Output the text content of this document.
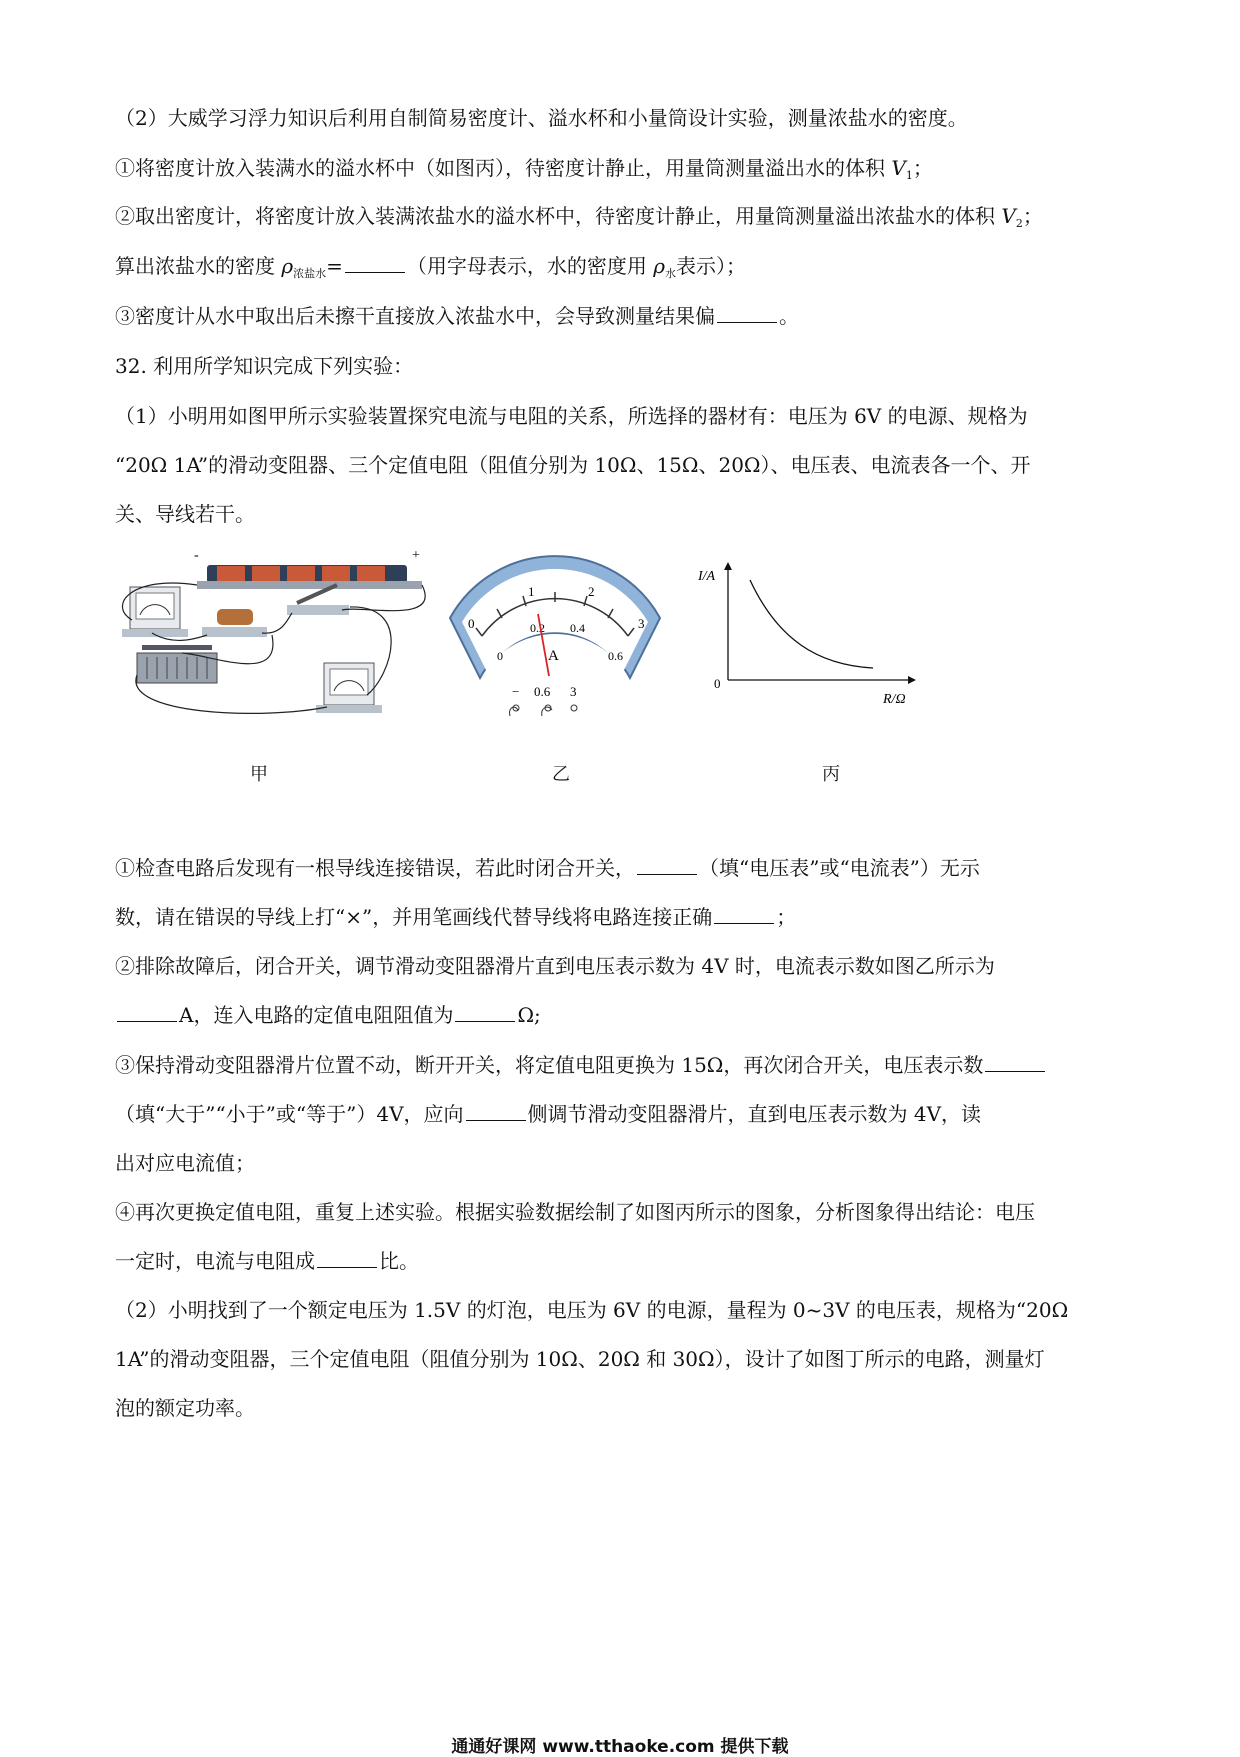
（2）大威学习浮力知识后利用自制简易密度计、溢水杯和小量筒设计实验，测量浓盐水的密度。
①将密度计放入装满水的溢水杯中（如图丙），待密度计静止，用量筒测量溢出水的体积 $V_1$；
②取出密度计，将密度计放入装满浓盐水的溢水杯中，待密度计静止，用量筒测量溢出浓盐水的体积 $V_2$；
算出浓盐水的密度 $\rho_{浓盐水}=$	（用字母表示，水的密度用 $\rho_水$表示）；
③密度计从水中取出后未擦干直接放入浓盐水中，会导致测量结果偏	。
32. 利用所学知识完成下列实验：
（1）小明用如图甲所示实验装置探究电流与电阻的关系，所选择的器材有：电压为 6V 的电源、规格为
“20Ω 1A”的滑动变阻器、三个定值电阻（阻值分别为 10Ω、15Ω、20Ω）、电压表、电流表各一个、开
关、导线若干。
-	+
0
1	2
3
0
0.2 0.4
0.6
A
− 0.6 3
I/A
R/Ω
0
甲	乙	丙
①检查电路后发现有一根导线连接错误，若此时闭合开关，	（填“电压表”或“电流表”）无示
数，请在错误的导线上打“×”，并用笔画线代替导线将电路连接正确	；
②排除故障后，闭合开关，调节滑动变阻器滑片直到电压表示数为 4V 时，电流表示数如图乙所示为
A，连入电路的定值电阻阻值为	Ω;
③保持滑动变阻器滑片位置不动，断开开关，将定值电阻更换为 15Ω，再次闭合开关，电压表示数
（填“大于”“小于”或“等于”）4V，应向	侧调节滑动变阻器滑片，直到电压表示数为 4V，读
出对应电流值；
④再次更换定值电阻，重复上述实验。根据实验数据绘制了如图丙所示的图象，分析图象得出结论：电压
一定时，电流与电阻成	比。
（2）小明找到了一个额定电压为 1.5V 的灯泡，电压为 6V 的电源，量程为 0~3V 的电压表，规格为“20Ω
1A”的滑动变阻器，三个定值电阻（阻值分别为 10Ω、20Ω 和 30Ω），设计了如图丁所示的电路，测量灯
泡的额定功率。
通通好课网 www.tthaoke.com 提供下载
